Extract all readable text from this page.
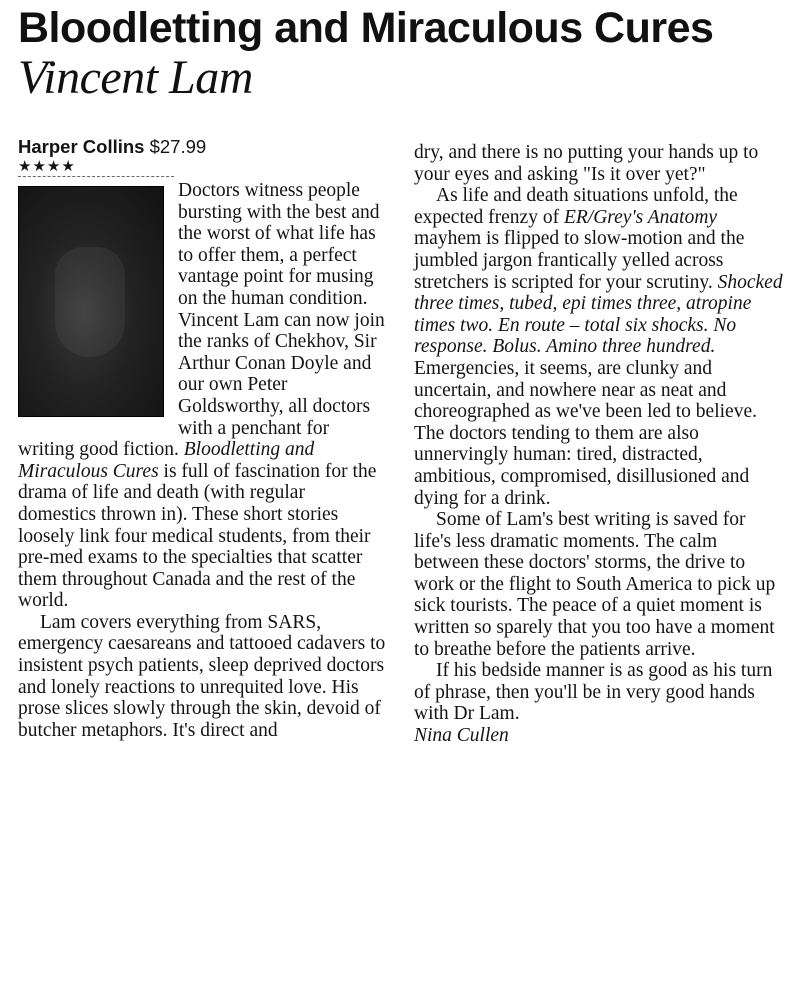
Bloodletting and Miraculous Cures Vincent Lam

Harper Collins $27.99

★★★★

Doctors witness people bursting with the best and the worst of what life has to offer them, a perfect vantage point for musing on the human condition. Vincent Lam can now join the ranks of Chekhov, Sir Arthur Conan Doyle and our own Peter Goldsworthy, all doctors with a penchant for writing good fiction. Bloodletting and Miraculous Cures is full of fascination for the drama of life and death (with regular domestics thrown in). These short stories loosely link four medical students, from their pre-med exams to the specialties that scatter them throughout Canada and the rest of the world.

Lam covers everything from SARS, emergency caesareans and tattooed cadavers to insistent psych patients, sleep deprived doctors and lonely reactions to unrequited love. His prose slices slowly through the skin, devoid of butcher metaphors. It's direct and

dry, and there is no putting your hands up to your eyes and asking "Is it over yet?"

As life and death situations unfold, the expected frenzy of ER/Grey's Anatomy mayhem is flipped to slow-motion and the jumbled jargon frantically yelled across stretchers is scripted for your scrutiny. Shocked three times, tubed, epi times three, atropine times two. En route – total six shocks. No response. Bolus. Amino three hundred. Emergencies, it seems, are clunky and uncertain, and nowhere near as neat and choreographed as we've been led to believe. The doctors tending to them are also unnervingly human: tired, distracted, ambitious, compromised, disillusioned and dying for a drink.

Some of Lam's best writing is saved for life's less dramatic moments. The calm between these doctors' storms, the drive to work or the flight to South America to pick up sick tourists. The peace of a quiet moment is written so sparely that you too have a moment to breathe before the patients arrive.

If his bedside manner is as good as his turn of phrase, then you'll be in very good hands with Dr Lam.

Nina Cullen
